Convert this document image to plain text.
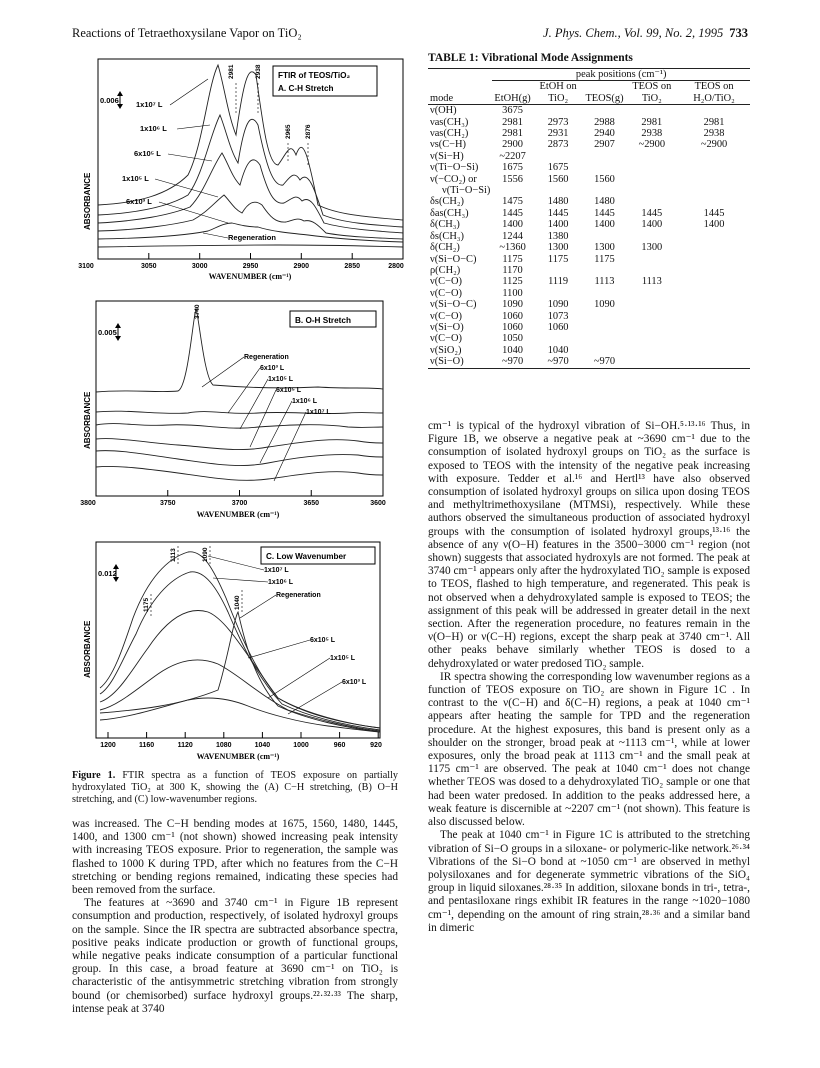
Reactions of Tetraethoxysilane Vapor on TiO₂	J. Phys. Chem., Vol. 99, No. 2, 1995 733
0.006 1x10⁷ L
1x10⁶ L
6x10⁵ L
1x10⁵ L
6x10³ L
Regeneration
2981	2938
2965 2876
FTIR of TEOS/TiO₂
A. C-H Stretch
ABSORBANCE
3100	3050	3000	2950	2900	2850	2800
WAVENUMBER (cm⁻¹)
0.005
Regeneration
6x10³ L
1x10⁵ L
6x10⁵ L
1x10⁶ L
1x10⁷ L
3740
B. O-H Stretch
ABSORBANCE
3800	3750	3700	3650	3600
WAVENUMBER (cm⁻¹)
0.012	1x10⁷ L
1x10⁶ L
Regeneration
6x10⁵ L
1x10⁵ L
6x10³ L
1113	1090
1175	1040
C. Low Wavenumber
ABSORBANCE
1200	1160	1120	1080	1040	1000	960	920
WAVENUMBER (cm⁻¹)
Figure 1. FTIR spectra as a function of TEOS exposure on partially hydroxylated TiO₂ at 300 K, showing the (A) C−H stretching, (B) O−H stretching, and (C) low-wavenumber regions.

was increased. The C−H bending modes at 1675, 1560, 1480, 1445, 1400, and 1300 cm⁻¹ (not shown) showed increasing peak intensity with increasing TEOS exposure. Prior to regeneration, the sample was flashed to 1000 K during TPD, after which no features from the C−H stretching or bending regions remained, indicating these species had been removed from the surface.

The features at ~3690 and 3740 cm⁻¹ in Figure 1B represent consumption and production, respectively, of isolated hydroxyl groups on the sample. Since the IR spectra are subtracted absorbance spectra, positive peaks indicate production or growth of functional groups, while negative peaks indicate consumption of a particular functional group. In this case, a broad feature at 3690 cm⁻¹ on TiO₂ is characteristic of the antisymmetric stretching vibration from strongly bound (or chemisorbed) surface hydroxyl groups.²²·³²·³³ The sharp, intense peak at 3740

TABLE 1: Vibrational Mode Assignments
	peak positions (cm⁻¹)				
mode	EtOH(g)	EtOH on TiO₂	TEOS(g)	TEOS on TiO₂	TEOS on H₂O/TiO₂
ν(OH)	3675				
νas(CH₃)	2981	2973	2988	2981	2981
νas(CH₂)	2981	2931	2940	2938	2938
νs(C−H)	2900	2873	2907	~2900	~2900
ν(Si−H)	~2207				
ν(Ti−O−Si)	1675	1675			
ν(−CO₂) or	1556	1560	1560		
ν(Ti−O−Si)					
δs(CH₂)	1475	1480	1480		
δas(CH₃)	1445	1445	1445	1445	1445
δ(CH₃)	1400	1400	1400	1400	1400
δs(CH₃)	1244	1380			
δ(CH₂)	~1360	1300	1300	1300	
ν(Si−O−C)	1175	1175	1175		
ρ(CH₂)	1170				
ν(C−O)	1125	1119	1113	1113	
ν(C−O)	1100				
ν(Si−O−C)	1090	1090	1090		
ν(C−O)	1060	1073			
ν(Si−O)	1060	1060			
ν(C−O)	1050				
ν(SiO₂)	1040	1040			
ν(Si−O)	~970	~970	~970		

cm⁻¹ is typical of the hydroxyl vibration of Si−OH.⁵·¹³·¹⁶ Thus, in Figure 1B, we observe a negative peak at ~3690 cm⁻¹ due to the consumption of isolated hydroxyl groups on TiO₂ as the surface is exposed to TEOS with the intensity of the negative peak increasing with exposure. Tedder et al.¹⁶ and Hertl¹³ have also observed consumption of isolated hydroxyl groups on silica upon dosing TEOS and methyltrimethoxysilane (MTMSi), respectively. While these authors observed the simultaneous production of associated hydroxyl groups with the consumption of isolated hydroxyl groups,¹³·¹⁶ the absence of any ν(O−H) features in the 3500−3000 cm⁻¹ region (not shown) suggests that associated hydroxyls are not formed. The peak at 3740 cm⁻¹ appears only after the hydroxylated TiO₂ sample is exposed to TEOS, flashed to high temperature, and regenerated. This peak is not observed when a dehydroxylated sample is exposed to TEOS; the assignment of this peak will be addressed in greater detail in the next section. After the regeneration procedure, no features remain in the ν(O−H) or ν(C−H) regions, except the sharp peak at 3740 cm⁻¹. All other peaks behave similarly whether TEOS is dosed to a dehydroxylated or water predosed TiO₂ sample.

IR spectra showing the corresponding low wavenumber regions as a function of TEOS exposure on TiO₂ are shown in Figure 1C . In contrast to the ν(C−H) and δ(C−H) regions, a peak at 1040 cm⁻¹ appears after heating the sample for TPD and the regeneration procedure. At the highest exposures, this band is present only as a shoulder on the stronger, broad peak at ~1113 cm⁻¹, while at lower exposures, only the broad peak at 1113 cm⁻¹ and the small peak at 1175 cm⁻¹ are observed. The peak at 1040 cm⁻¹ does not change whether TEOS was dosed to a dehydroxylated TiO₂ sample or one that had been water predosed. In addition to the peaks addressed here, a weak feature is discernible at ~2207 cm⁻¹ (not shown). This feature is also discussed below.

The peak at 1040 cm⁻¹ in Figure 1C is attributed to the stretching vibration of Si−O groups in a siloxane- or polymeric-like network.²⁶·³⁴ Vibrations of the Si−O bond at ~1050 cm⁻¹ are observed in methyl polysiloxanes and for degenerate symmetric vibrations of the SiO₄ group in liquid siloxanes.²⁸·³⁵ In addition, siloxane bonds in tri-, tetra-, and pentasiloxane rings exhibit IR features in the range ~1020−1080 cm⁻¹, depending on the amount of ring strain,²⁸·³⁶ and a similar band in dimeric
